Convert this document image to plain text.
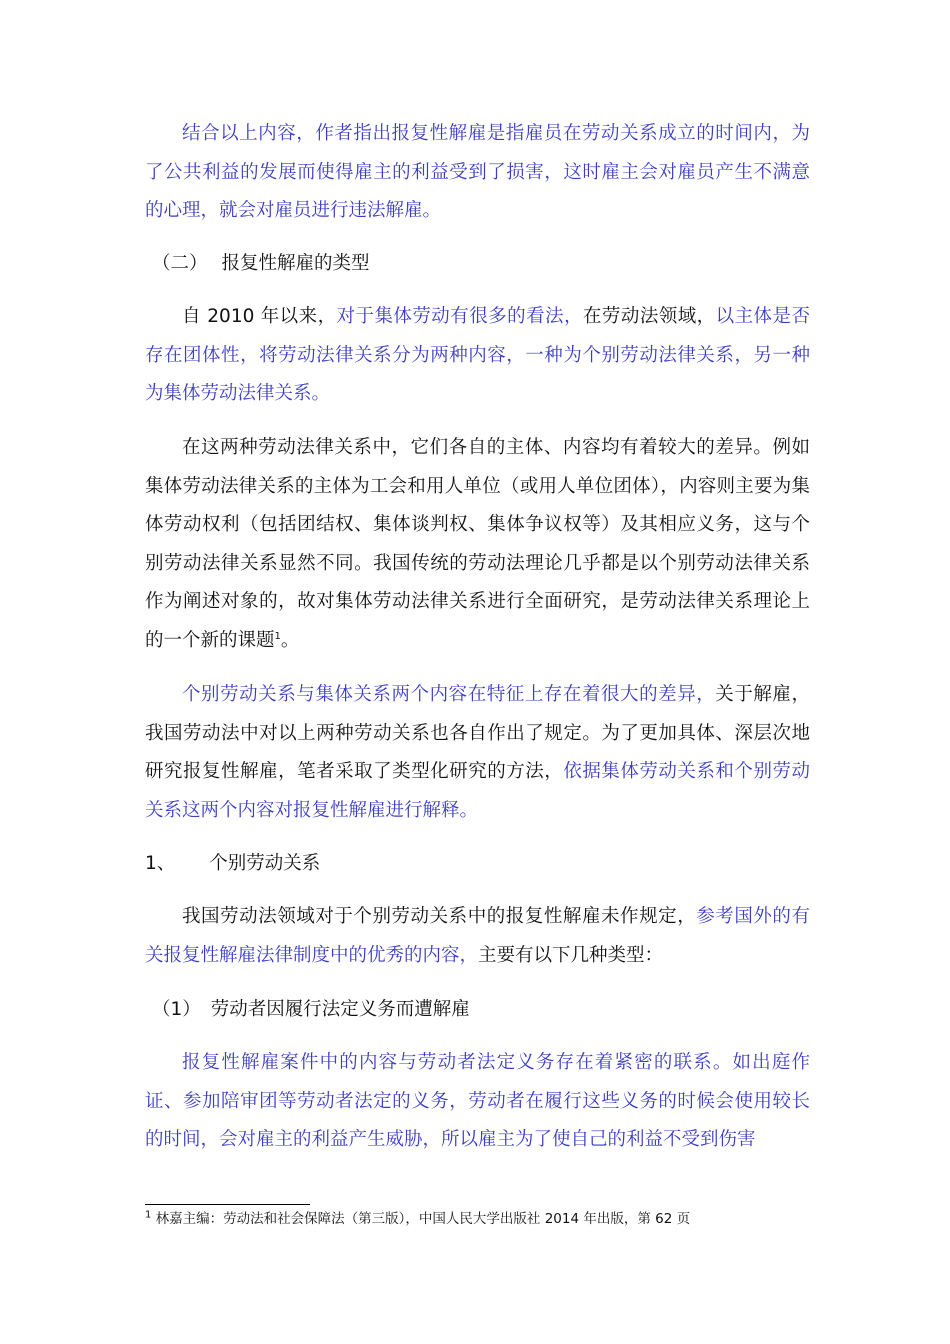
结合以上内容，作者指出报复性解雇是指雇员在劳动关系成立的时间内，为了公共利益的发展而使得雇主的利益受到了损害，这时雇主会对雇员产生不满意的心理，就会对雇员进行违法解雇。

（二） 报复性解雇的类型

自 2010 年以来，对于集体劳动有很多的看法，在劳动法领域，以主体是否存在团体性，将劳动法律关系分为两种内容，一种为个别劳动法律关系，另一种为集体劳动法律关系。

在这两种劳动法律关系中，它们各自的主体、内容均有着较大的差异。例如集体劳动法律关系的主体为工会和用人单位（或用人单位团体），内容则主要为集体劳动权利（包括团结权、集体谈判权、集体争议权等）及其相应义务，这与个别劳动法律关系显然不同。我国传统的劳动法理论几乎都是以个别劳动法律关系作为阐述对象的，故对集体劳动法律关系进行全面研究，是劳动法律关系理论上的一个新的课题$^1$。

个别劳动关系与集体关系两个内容在特征上存在着很大的差异，关于解雇，我国劳动法中对以上两种劳动关系也各自作出了规定。为了更加具体、深层次地研究报复性解雇，笔者采取了类型化研究的方法，依据集体劳动关系和个别劳动关系这两个内容对报复性解雇进行解释。

1、 个别劳动关系

我国劳动法领域对于个别劳动关系中的报复性解雇未作规定，参考国外的有关报复性解雇法律制度中的优秀的内容，主要有以下几种类型：

（1） 劳动者因履行法定义务而遭解雇

报复性解雇案件中的内容与劳动者法定义务存在着紧密的联系。如出庭作证、参加陪审团等劳动者法定的义务，劳动者在履行这些义务的时候会使用较长的时间，会对雇主的利益产生威胁，所以雇主为了使自己的利益不受到伤害

$^1$ 林嘉主编：劳动法和社会保障法（第三版），中国人民大学出版社 2014 年出版，第 62 页
